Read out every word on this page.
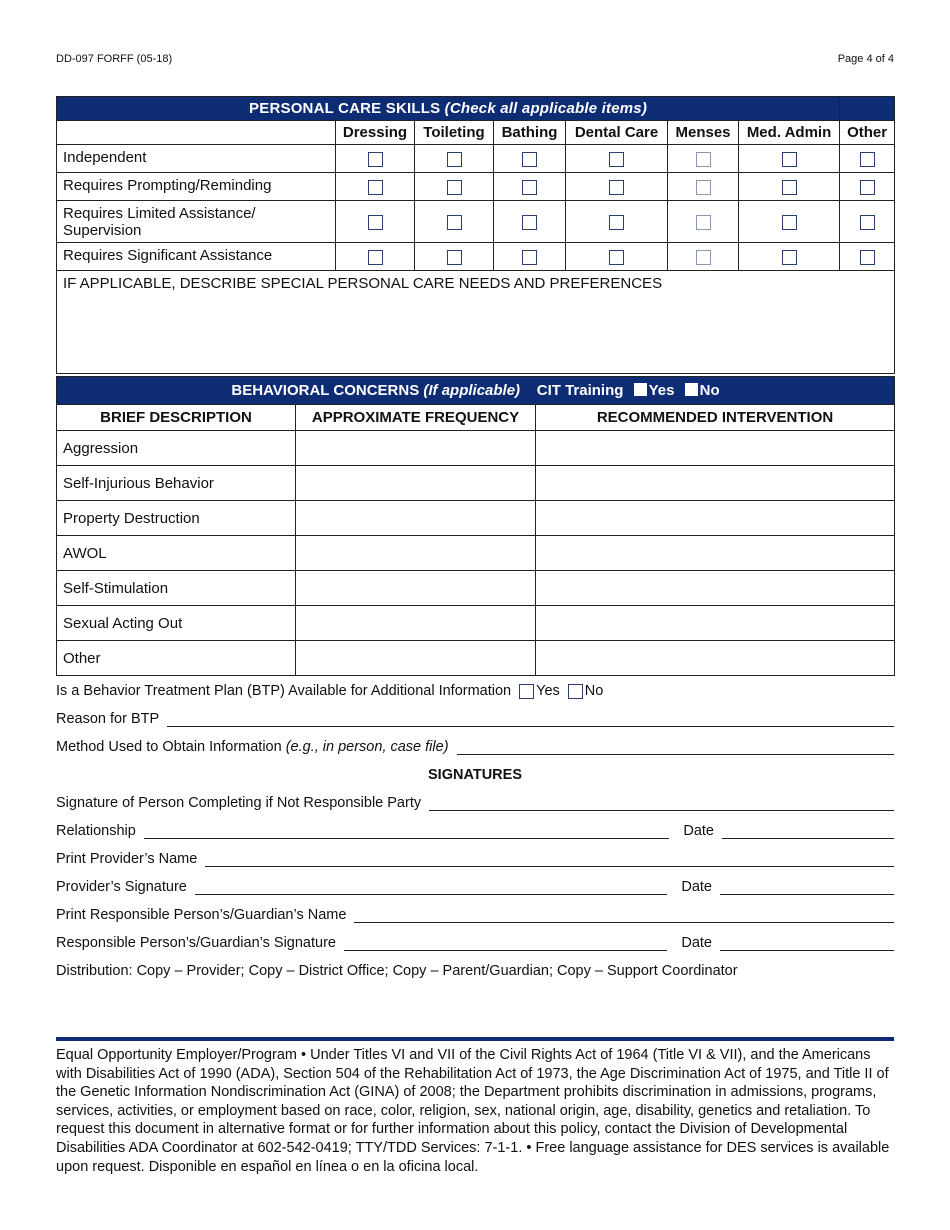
DD-097 FORFF (05-18)	Page 4 of 4
PERSONAL CARE SKILLS (Check all applicable items)							
	Dressing	Toileting	Bathing	Dental Care	Menses	Med. Admin	Other
Independent							
Requires Prompting/Reminding							
Requires Limited Assistance/ Supervision							
Requires Significant Assistance							
IF APPLICABLE, DESCRIBE SPECIAL PERSONAL CARE NEEDS AND PREFERENCES							
BEHAVIORAL CONCERNS (If applicable) CIT Training Yes No		
BRIEF DESCRIPTION	APPROXIMATE FREQUENCY	RECOMMENDED INTERVENTION
Aggression		
Self-Injurious Behavior		
Property Destruction		
AWOL		
Self-Stimulation		
Sexual Acting Out		
Other		
Is a Behavior Treatment Plan (BTP) Available for Additional Information Yes No
Reason for BTP
Method Used to Obtain Information
(e.g., in person, case file)
SIGNATURES
Signature of Person Completing if Not Responsible Party
Relationship	Date
Print Provider’s Name
Provider’s Signature	Date
Print Responsible Person’s/Guardian’s Name
Responsible Person’s/Guardian’s Signature	Date
Distribution: Copy – Provider; Copy – District Office; Copy – Parent/Guardian; Copy – Support Coordinator
Equal Opportunity Employer/Program • Under Titles VI and VII of the Civil Rights Act of 1964 (Title VI & VII), and the Americans with Disabilities Act of 1990 (ADA), Section 504 of the Rehabilitation Act of 1973, the Age Discrimination Act of 1975, and Title II of the Genetic Information Nondiscrimination Act (GINA) of 2008; the Department prohibits discrimination in admissions, programs, services, activities, or employment based on race, color, religion, sex, national origin, age, disability, genetics and retaliation. To request this document in alternative format or for further information about this policy, contact the Division of Developmental Disabilities ADA Coordinator at 602-542-0419; TTY/TDD Services: 7-1-1. • Free language assistance for DES services is available upon request. Disponible en español en línea o en la oficina local.
